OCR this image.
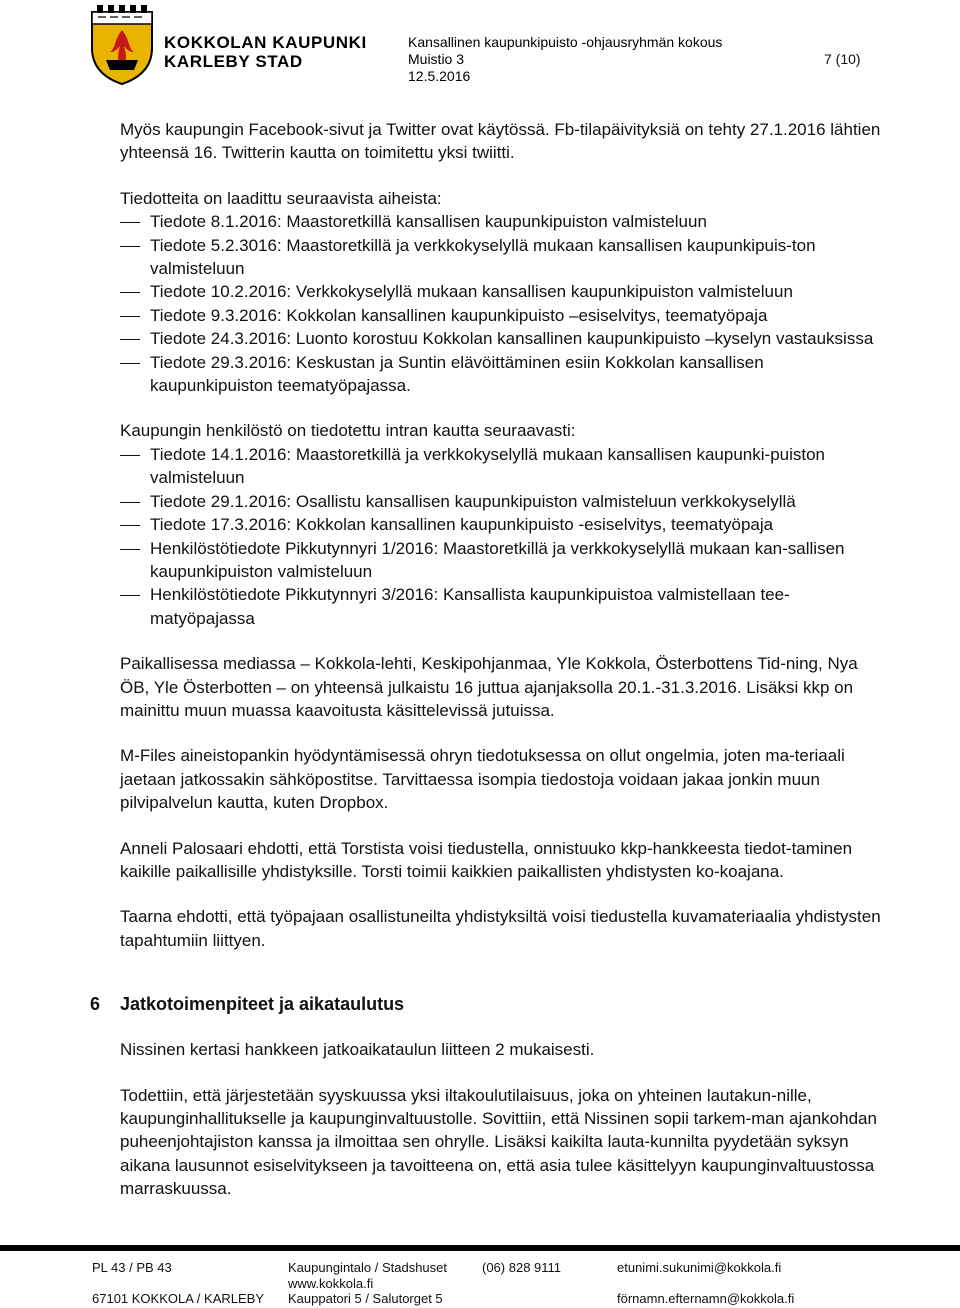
KOKKOLAN KAUPUNKI
KARLEBY STAD
Kansallinen kaupunkipuisto -ohjausryhmän kokous
Muistio 3
12.5.2016
7 (10)

Myös kaupungin Facebook-sivut ja Twitter ovat käytössä. Fb-tilapäivityksiä on tehty 27.1.2016 lähtien yhteensä 16. Twitterin kautta on toimitettu yksi twiitti.

Tiedotteita on laadittu seuraavista aiheista:

Tiedote 8.1.2016: Maastoretkillä kansallisen kaupunkipuiston valmisteluun
Tiedote 5.2.3016: Maastoretkillä ja verkkokyselyllä mukaan kansallisen kaupunkipuis-ton valmisteluun
Tiedote 10.2.2016: Verkkokyselyllä mukaan kansallisen kaupunkipuiston valmisteluun
Tiedote 9.3.2016: Kokkolan kansallinen kaupunkipuisto –esiselvitys, teematyöpaja
Tiedote 24.3.2016: Luonto korostuu Kokkolan kansallinen kaupunkipuisto –kyselyn vastauksissa
Tiedote 29.3.2016: Keskustan ja Suntin elävöittäminen esiin Kokkolan kansallisen kaupunkipuiston teematyöpajassa.

Kaupungin henkilöstö on tiedotettu intran kautta seuraavasti:

Tiedote 14.1.2016: Maastoretkillä ja verkkokyselyllä mukaan kansallisen kaupunki-puiston valmisteluun
Tiedote 29.1.2016: Osallistu kansallisen kaupunkipuiston valmisteluun verkkokyselyllä
Tiedote 17.3.2016: Kokkolan kansallinen kaupunkipuisto -esiselvitys, teematyöpaja
Henkilöstötiedote Pikkutynnyri 1/2016: Maastoretkillä ja verkkokyselyllä mukaan kan-sallisen kaupunkipuiston valmisteluun
Henkilöstötiedote Pikkutynnyri 3/2016: Kansallista kaupunkipuistoa valmistellaan tee-matyöpajassa

Paikallisessa mediassa – Kokkola-lehti, Keskipohjanmaa, Yle Kokkola, Österbottens Tid-ning, Nya ÖB, Yle Österbotten – on yhteensä julkaistu 16 juttua ajanjaksolla 20.1.-31.3.2016. Lisäksi kkp on mainittu muun muassa kaavoitusta käsittelevissä jutuissa.

M-Files aineistopankin hyödyntämisessä ohryn tiedotuksessa on ollut ongelmia, joten ma-teriaali jaetaan jatkossakin sähköpostitse. Tarvittaessa isompia tiedostoja voidaan jakaa jonkin muun pilvipalvelun kautta, kuten Dropbox.

Anneli Palosaari ehdotti, että Torstista voisi tiedustella, onnistuuko kkp-hankkeesta tiedot-taminen kaikille paikallisille yhdistyksille. Torsti toimii kaikkien paikallisten yhdistysten ko-koajana.

Taarna ehdotti, että työpajaan osallistuneilta yhdistyksiltä voisi tiedustella kuvamateriaalia yhdistysten tapahtumiin liittyen.

6	Jatkotoimenpiteet ja aikataulutus

Nissinen kertasi hankkeen jatkoaikataulun liitteen 2 mukaisesti.

Todettiin, että järjestetään syyskuussa yksi iltakoulutilaisuus, joka on yhteinen lautakun-nille, kaupunginhallitukselle ja kaupunginvaltuustolle. Sovittiin, että Nissinen sopii tarkem-man ajankohdan puheenjohtajiston kanssa ja ilmoittaa sen ohrylle. Lisäksi kaikilta lauta-kunnilta pyydetään syksyn aikana lausunnot esiselvitykseen ja tavoitteena on, että asia tulee käsittelyyn kaupunginvaltuustossa marraskuussa.

PL 43 / PB 43
67101 KOKKOLA / KARLEBY
Kaupungintalo / Stadshuset
www.kokkola.fi
Kauppatori 5 / Salutorget 5
(06) 828 9111	etunimi.sukunimi@kokkola.fi
förnamn.efternamn@kokkola.fi
